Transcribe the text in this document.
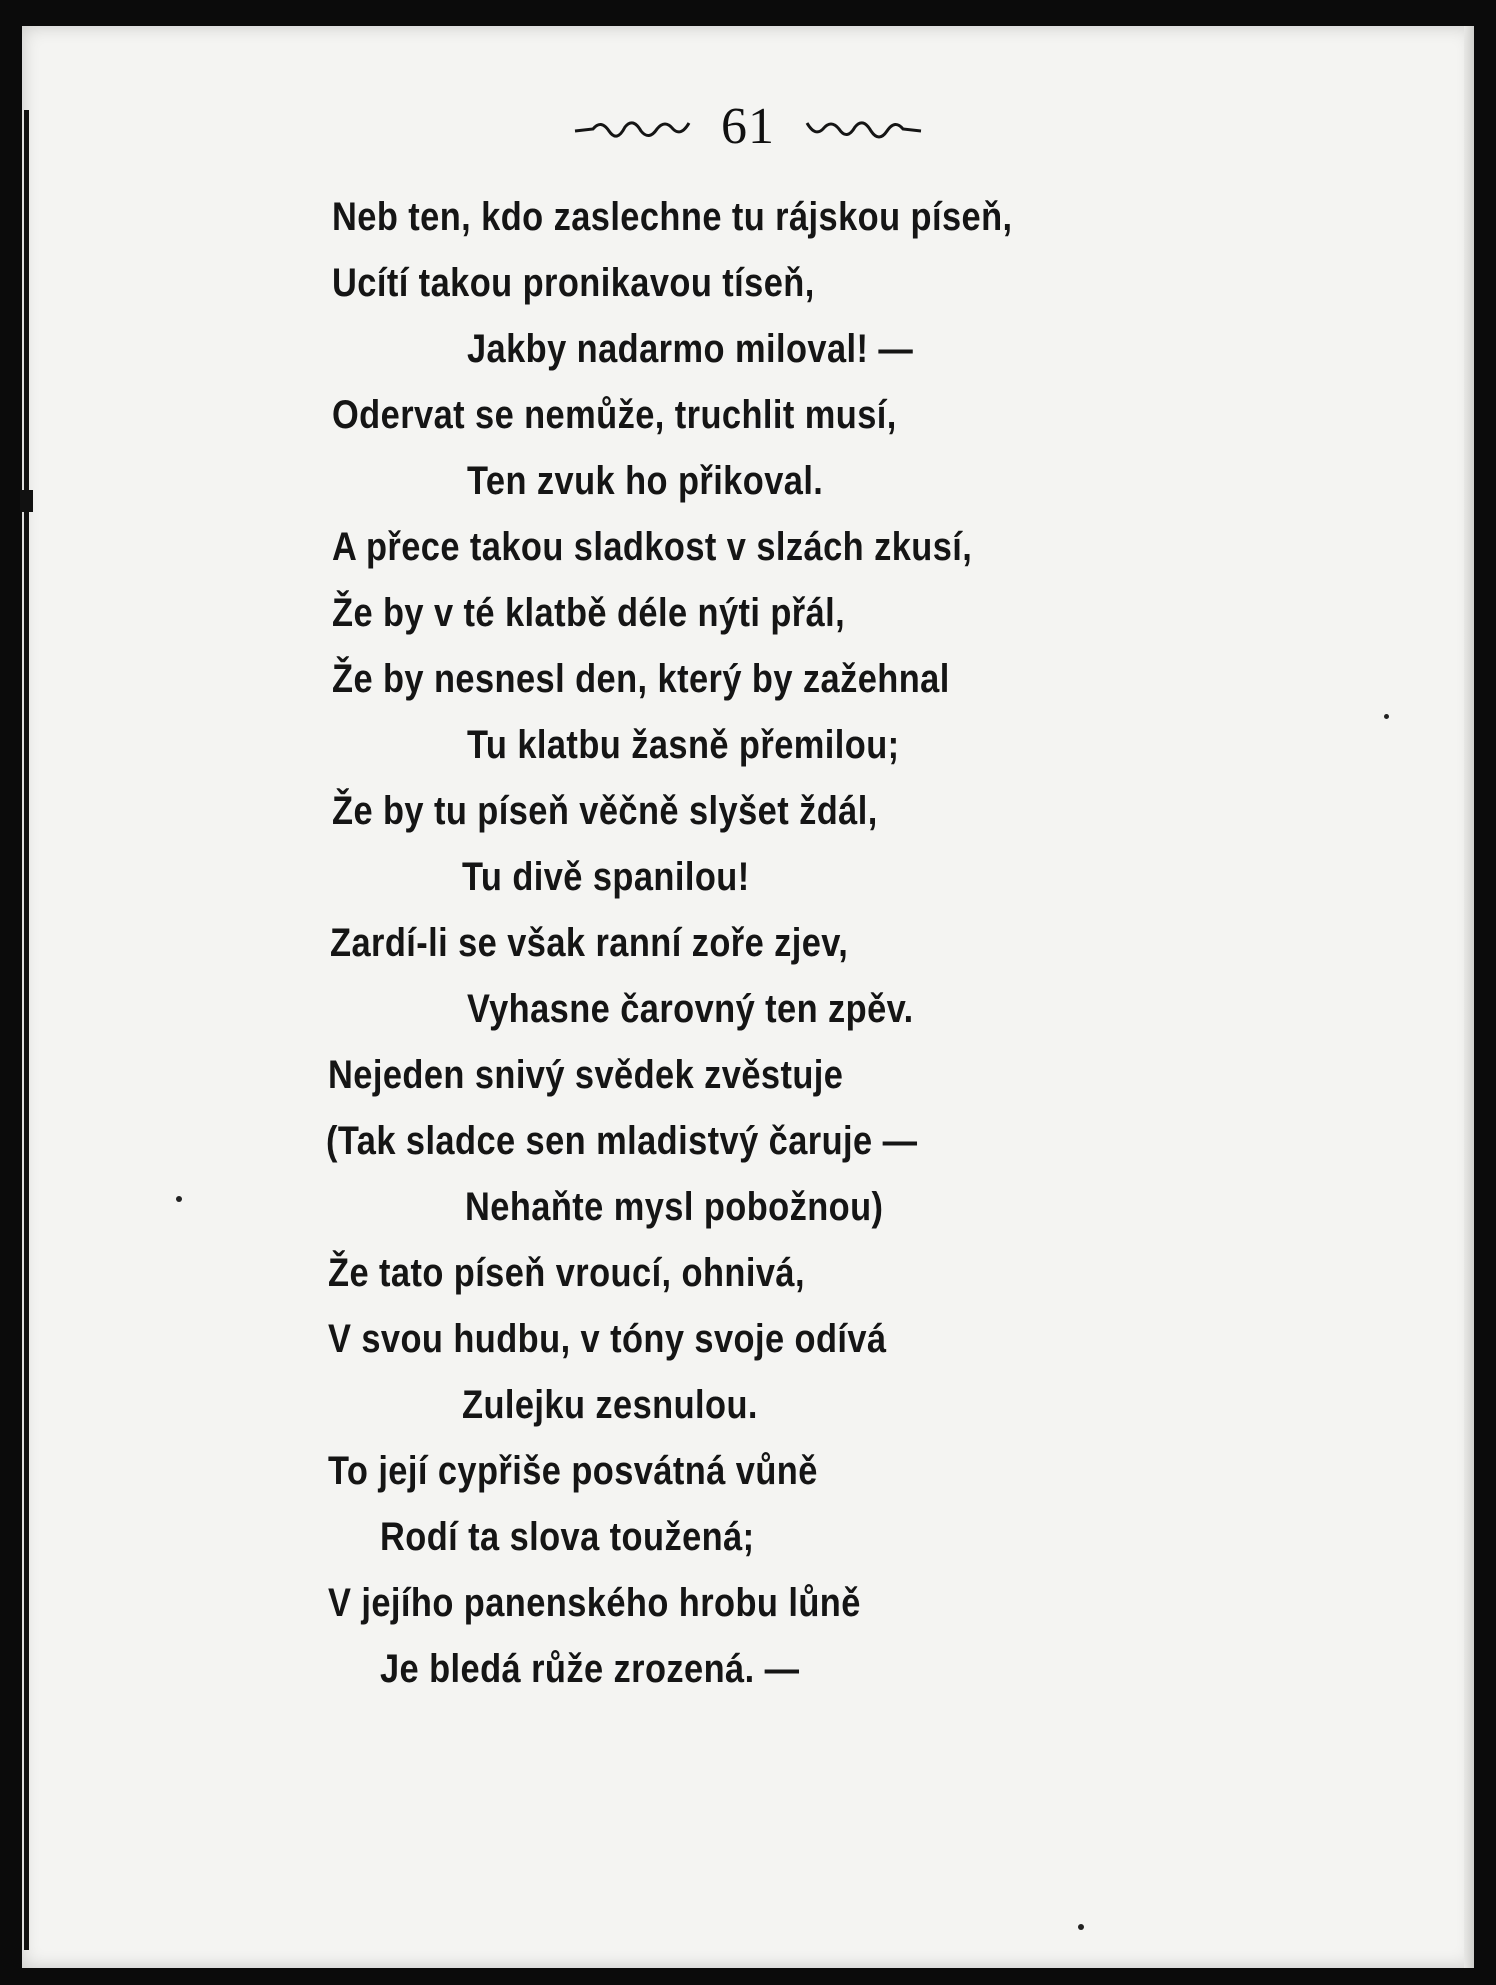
61
Neb ten, kdo zaslechne tu rájskou píseň,
Ucítí takou pronikavou tíseň,
Jakby nadarmo miloval! —
Odervat se nemůže, truchlit musí,
Ten zvuk ho přikoval.
A přece takou sladkost v slzách zkusí,
Že by v té klatbě déle nýti přál,
Že by nesnesl den, který by zažehnal
Tu klatbu žasně přemilou;
Že by tu píseň věčně slyšet ždál,
Tu divě spanilou!
Zardí-li se však ranní zoře zjev,
Vyhasne čarovný ten zpěv.
Nejeden snivý svědek zvěstuje
(Tak sladce sen mladistvý čaruje —
Nehaňte mysl pobožnou)
Že tato píseň vroucí, ohnivá,
V svou hudbu, v tóny svoje odívá
Zulejku zesnulou.
To její cypřiše posvátná vůně
Rodí ta slova toužená;
V jejího panenského hrobu lůně
Je bledá růže zrozená. —
